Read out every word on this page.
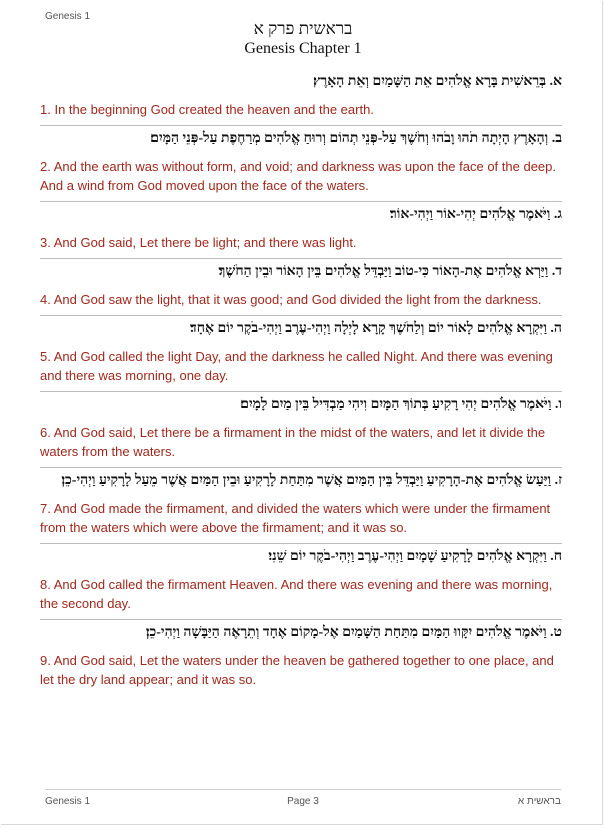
Genesis 1
בראשית פרק א
Genesis Chapter 1
א. בְּרֵאשִׁית בָּרָא אֱלֹהִים אֵת הַשָּׁמַיִם וְאֵת הָאָרֶץ׃
1. In the beginning God created the heaven and the earth.
ב. וְהָאָרֶץ הָיְתָה תֹהוּ וָבֹהוּ וְחֹשֶׁךְ עַל-פְּנֵי תְהוֹם וְרוּחַ אֱלֹהִים מְרַחֶפֶת עַל-פְּנֵי הַמָּיִם׃
2. And the earth was without form, and void; and darkness was upon the face of the deep. And a wind from God moved upon the face of the waters.
ג. וַיֹּאמֶר אֱלֹהִים יְהִי-אוֹר וַיְהִי-אוֹר׃
3. And God said, Let there be light; and there was light.
ד. וַיַּרְא אֱלֹהִים אֶת-הָאוֹר כִּי-טוֹב וַיַּבְדֵּל אֱלֹהִים בֵּין הָאוֹר וּבֵין הַחֹשֶׁךְ׃
4. And God saw the light, that it was good; and God divided the light from the darkness.
ה. וַיִּקְרָא אֱלֹהִים לָאוֹר יוֹם וְלַחֹשֶׁךְ קָרָא לָיְלָה וַיְהִי-עֶרֶב וַיְהִי-בֹקֶר יוֹם אֶחָד׃
5. And God called the light Day, and the darkness he called Night. And there was evening and there was morning, one day.
ו. וַיֹּאמֶר אֱלֹהִים יְהִי רָקִיעַ בְּתוֹךְ הַמָּיִם וִיהִי מַבְדִּיל בֵּין מַיִם לָמָיִם׃
6. And God said, Let there be a firmament in the midst of the waters, and let it divide the waters from the waters.
ז. וַיַּעַשׂ אֱלֹהִים אֶת-הָרָקִיעַ וַיַּבְדֵּל בֵּין הַמַּיִם אֲשֶׁר מִתַּחַת לָרָקִיעַ וּבֵין הַמַּיִם אֲשֶׁר מֵעַל לָרָקִיעַ וַיְהִי-כֵן׃
7. And God made the firmament, and divided the waters which were under the firmament from the waters which were above the firmament; and it was so.
ח. וַיִּקְרָא אֱלֹהִים לָרָקִיעַ שָׁמָיִם וַיְהִי-עֶרֶב וַיְהִי-בֹקֶר יוֹם שֵׁנִי׃
8. And God called the firmament Heaven. And there was evening and there was morning, the second day.
ט. וַיֹּאמֶר אֱלֹהִים יִקָּווּ הַמַּיִם מִתַּחַת הַשָּׁמַיִם אֶל-מָקוֹם אֶחָד וְתֵרָאֶה הַיַּבָּשָׁה וַיְהִי-כֵן׃
9. And God said, Let the waters under the heaven be gathered together to one place, and let the dry land appear; and it was so.
Genesis 1	Page 3	בראשית א
